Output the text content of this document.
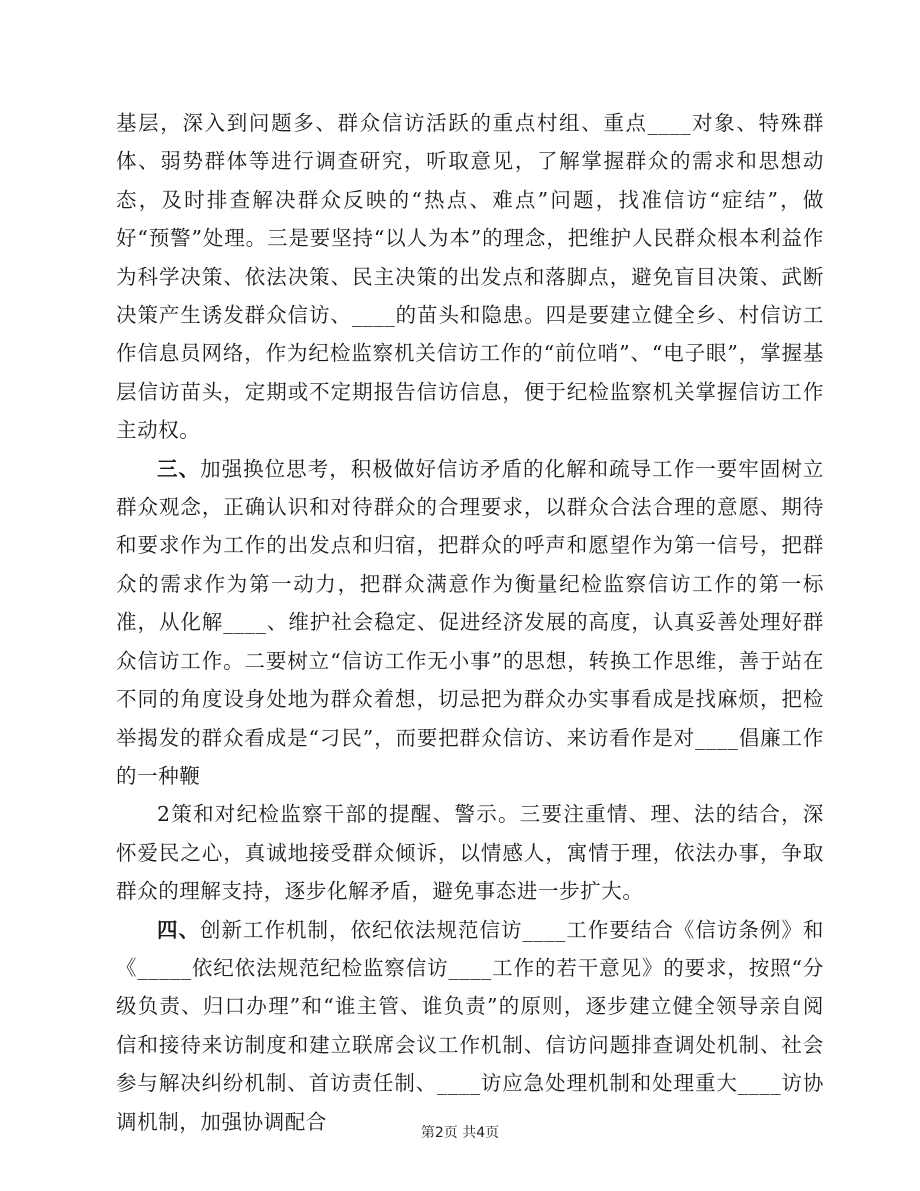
基层，深入到问题多、群众信访活跃的重点村组、重点____对象、特殊群体、弱势群体等进行调查研究，听取意见，了解掌握群众的需求和思想动态，及时排查解决群众反映的“热点、难点”问题，找准信访“症结”，做好“预警”处理。三是要坚持“以人为本”的理念，把维护人民群众根本利益作为科学决策、依法决策、民主决策的出发点和落脚点，避免盲目决策、武断决策产生诱发群众信访、____的苗头和隐患。四是要建立健全乡、村信访工作信息员网络，作为纪检监察机关信访工作的“前位哨”、“电子眼”，掌握基层信访苗头，定期或不定期报告信访信息，便于纪检监察机关掌握信访工作主动权。

三、加强换位思考，积极做好信访矛盾的化解和疏导工作一要牢固树立群众观念，正确认识和对待群众的合理要求，以群众合法合理的意愿、期待和要求作为工作的出发点和归宿，把群众的呼声和愿望作为第一信号，把群众的需求作为第一动力，把群众满意作为衡量纪检监察信访工作的第一标准，从化解____、维护社会稳定、促进经济发展的高度，认真妥善处理好群众信访工作。二要树立“信访工作无小事”的思想，转换工作思维，善于站在不同的角度设身处地为群众着想，切忌把为群众办实事看成是找麻烦，把检举揭发的群众看成是“刁民”，而要把群众信访、来访看作是对____倡廉工作的一种鞭

2策和对纪检监察干部的提醒、警示。三要注重情、理、法的结合，深怀爱民之心，真诚地接受群众倾诉，以情感人，寓情于理，依法办事，争取群众的理解支持，逐步化解矛盾，避免事态进一步扩大。

四、创新工作机制，依纪依法规范信访____工作要结合《信访条例》和《_____依纪依法规范纪检监察信访____工作的若干意见》的要求，按照“分级负责、归口办理”和“谁主管、谁负责”的原则，逐步建立健全领导亲自阅信和接待来访制度和建立联席会议工作机制、信访问题排查调处机制、社会参与解决纠纷机制、首访责任制、____访应急处理机制和处理重大____访协调机制，加强协调配合	第2页 共4页
